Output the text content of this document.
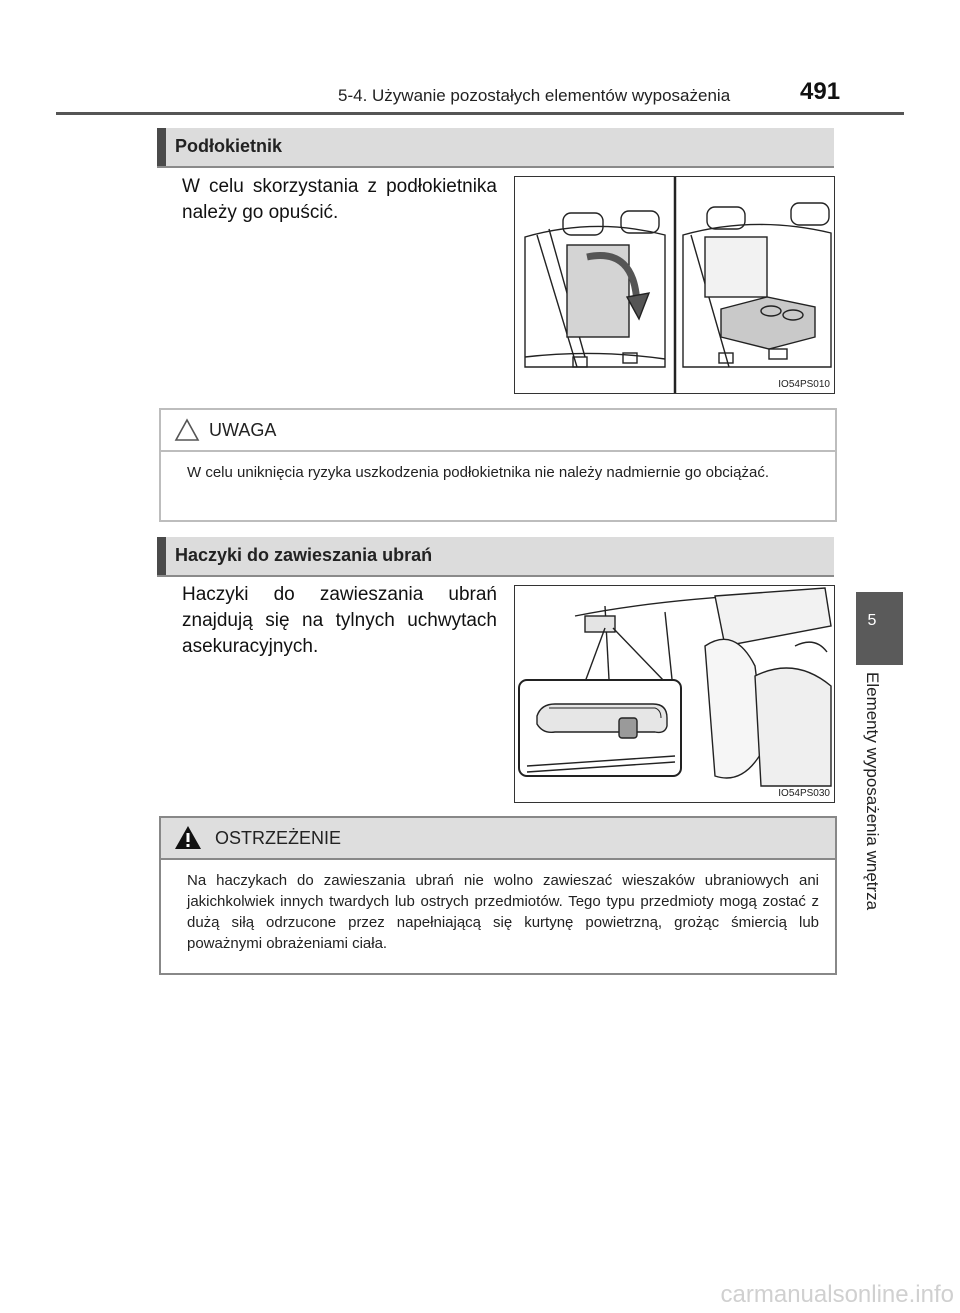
5-4. Używanie pozostałych elementów wyposażenia	491
5
Elementy wyposażenia wnętrza
Podłokietnik
W celu skorzystania z podłokietnika należy go opuścić.
IO54PS010
UWAGA
W celu uniknięcia ryzyka uszkodzenia podłokietnika nie należy nadmiernie go obciążać.
Haczyki do zawieszania ubrań
Haczyki do zawieszania ubrań znajdują się na tylnych uchwytach asekuracyjnych.
IO54PS030
OSTRZEŻENIE
Na haczykach do zawieszania ubrań nie wolno zawieszać wieszaków ubraniowych ani jakichkolwiek innych twardych lub ostrych przedmiotów. Tego typu przedmioty mogą zostać z dużą siłą odrzucone przez napełniającą się kurtynę powietrzną, grożąc śmiercią lub poważnymi obrażeniami ciała.
carmanualsonline.info
